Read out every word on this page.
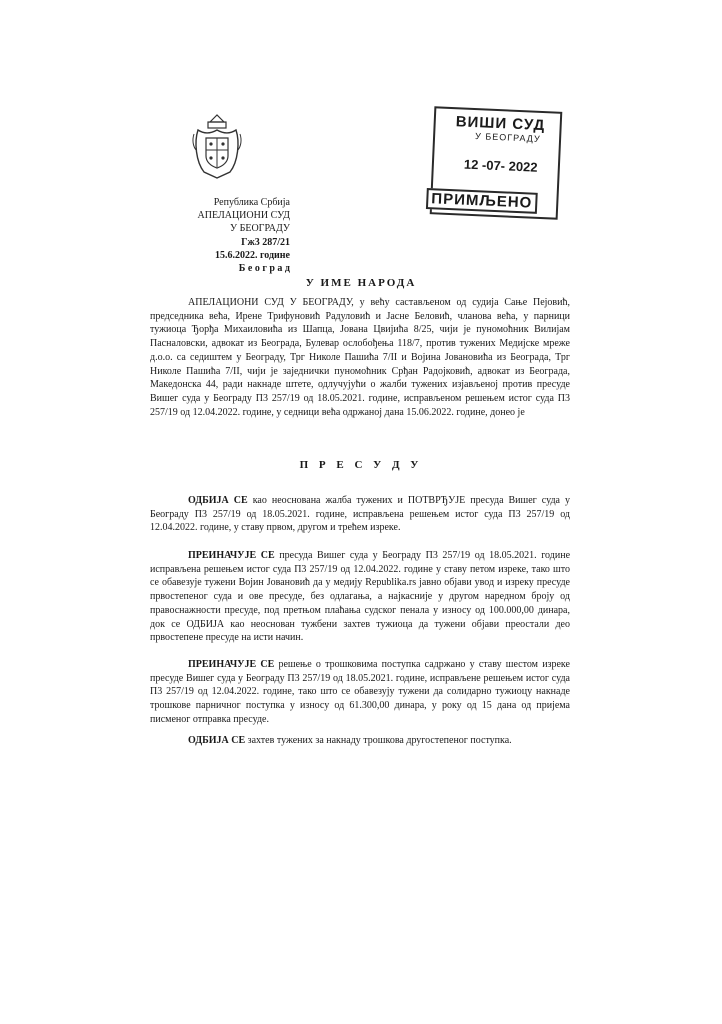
Република Србија
АПЕЛАЦИОНИ СУД
У БЕОГРАДУ
Гж3 287/21
15.6.2022. године
Б е о г р а д
ВИШИ СУД
У БЕОГРАДУ
12 -07- 2022
ПРИМЉЕНО
У ИМЕ НАРОДА

АПЕЛАЦИОНИ СУД У БЕОГРАДУ, у већу састављеном од судија Сање Пејовић, председника већа, Ирене Трифуновић Радуловић и Јасне Беловић, чланова већа, у парници тужиоца Ђорђа Михаиловића из Шапца, Јована Цвијића 8/25, чији је пуномоћник Вилијам Пасналовски, адвокат из Београда, Булевар ослобођења 118/7, против тужених Медијске мреже д.о.о. са седиштем у Београду, Трг Николе Пашића 7/II и Војина Јовановића из Београда, Трг Николе Пашића 7/II, чији је заједнички пуномоћник Срђан Радојковић, адвокат из Београда, Македонска 44, ради накнаде штете, одлучујући о жалби тужених изјављеној против пресуде Вишег суда у Београду П3 257/19 од 18.05.2021. године, исправљеном решењем истог суда П3 257/19 од 12.04.2022. године, у седници већа одржаној дана 15.06.2022. године, донео је

П Р Е С У Д У

ОДБИЈА СЕ као неоснована жалба тужених и ПОТВРЂУЈЕ пресуда Вишег суда у Београду П3 257/19 од 18.05.2021. године, исправљена решењем истог суда П3 257/19 од 12.04.2022. године, у ставу првом, другом и трећем изреке.

ПРЕИНАЧУЈЕ СЕ пресуда Вишег суда у Београду П3 257/19 од 18.05.2021. године исправљена решењем истог суда П3 257/19 од 12.04.2022. године у ставу петом изреке, тако што се обавезује тужени Војин Јовановић да у медију Republika.rs јавно објави увод и изреку пресуде првостепеног суда и ове пресуде, без одлагања, а најкасније у другом наредном броју од правоснажности пресуде, под претњом плаћања судског пенала у износу од 100.000,00 динара, док се ОДБИЈА као неоснован тужбени захтев тужиоца да тужени објави преостали део првостепене пресуде на исти начин.

ПРЕИНАЧУЈЕ СЕ решење о трошковима поступка садржано у ставу шестом изреке пресуде Вишег суда у Београду П3 257/19 од 18.05.2021. године, исправљене решењем истог суда П3 257/19 од 12.04.2022. године, тако што се обавезују тужени да солидарно тужиоцу накнаде трошкове парничног поступка у износу од 61.300,00 динара, у року од 15 дана од пријема писменог отправка пресуде.

ОДБИЈА СЕ захтев тужених за накнаду трошкова другостепеног поступка.
